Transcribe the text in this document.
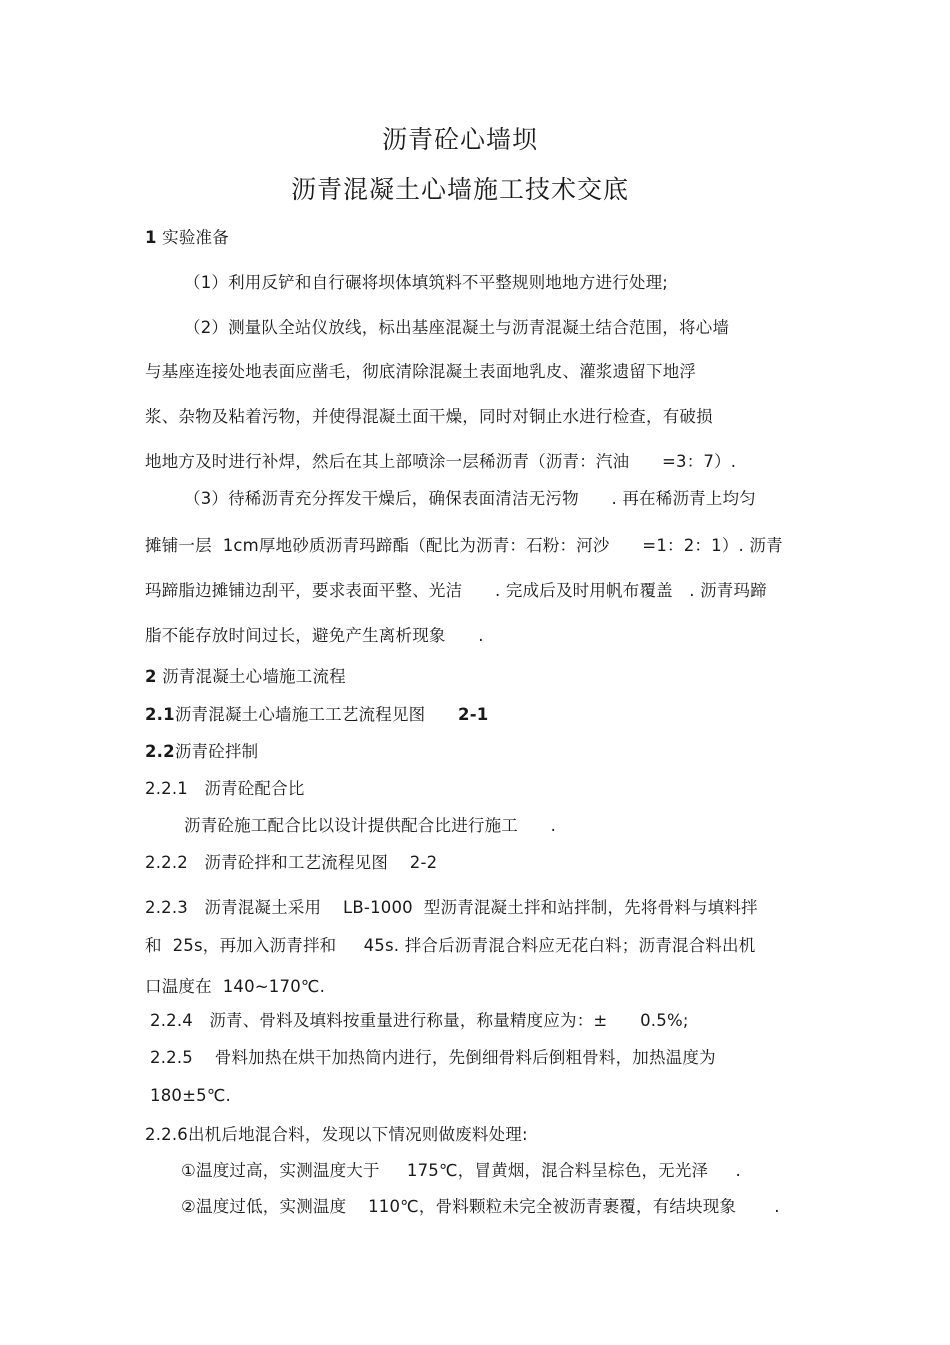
沥青砼心墙坝
沥青混凝土心墙施工技术交底
1 实验准备
（1）利用反铲和自行碾将坝体填筑料不平整规则地地方进行处理;
（2）测量队全站仪放线，标出基座混凝土与沥青混凝土结合范围，将心墙
与基座连接处地表面应凿毛，彻底清除混凝土表面地乳皮、灌浆遗留下地浮
浆、杂物及粘着污物，并使得混凝土面干燥，同时对铜止水进行检查，有破损
地地方及时进行补焊，然后在其上部喷涂一层稀沥青（沥青：汽油      =3：7）.
（3）待稀沥青充分挥发干燥后，确保表面清洁无污物      . 再在稀沥青上均匀
摊铺一层  1cm厚地砂质沥青玛蹄酯（配比为沥青：石粉：河沙      =1：2：1）. 沥青
玛蹄脂边摊铺边刮平，要求表面平整、光洁      . 完成后及时用帆布覆盖   . 沥青玛蹄
脂不能存放时间过长，避免产生离析现象      .
2 沥青混凝土心墙施工流程
2.1沥青混凝土心墙施工工艺流程见图 2-1
2.2沥青砼拌制
2.2.1   沥青砼配合比
沥青砼施工配合比以设计提供配合比进行施工      .
2.2.2   沥青砼拌和工艺流程见图    2-2
2.2.3   沥青混凝土采用    LB-1000  型沥青混凝土拌和站拌制，先将骨料与填料拌
和  25s，再加入沥青拌和     45s. 拌合后沥青混合料应无花白料；沥青混合料出机
口温度在  140~170℃.
2.2.4   沥青、骨料及填料按重量进行称量，称量精度应为：±      0.5%;
2.2.5    骨料加热在烘干加热筒内进行，先倒细骨料后倒粗骨料，加热温度为
180±5℃.
2.2.6出机后地混合料，发现以下情况则做废料处理:
①温度过高，实测温度大于     175℃，冒黄烟，混合料呈棕色，无光泽     .
②温度过低，实测温度    110℃，骨料颗粒未完全被沥青裹覆，有结块现象       .
